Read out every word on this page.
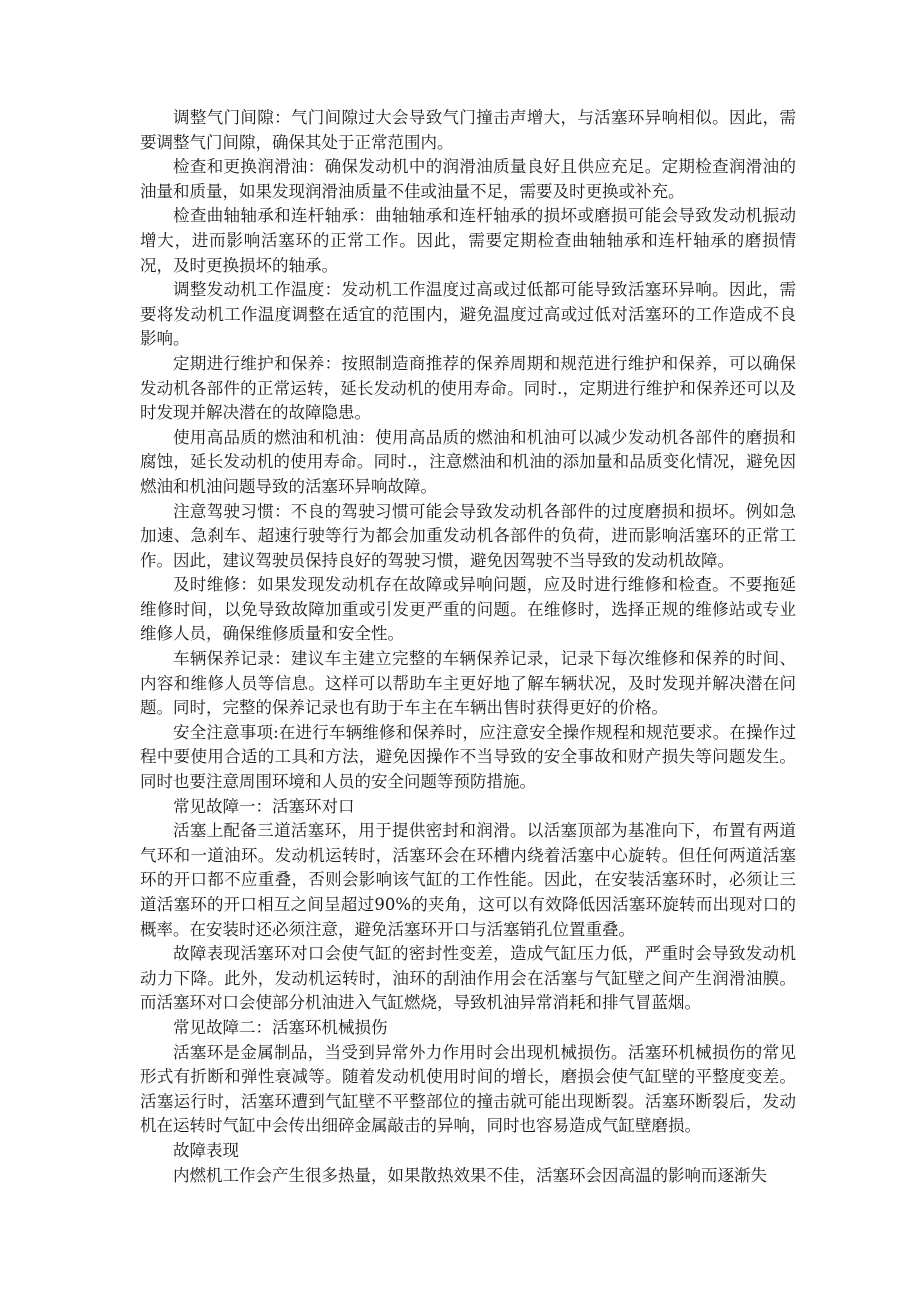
调整气门间隙：气门间隙过大会导致气门撞击声增大，与活塞环异响相似。因此，需要调整气门间隙，确保其处于正常范围内。

检查和更换润滑油：确保发动机中的润滑油质量良好且供应充足。定期检查润滑油的油量和质量，如果发现润滑油质量不佳或油量不足，需要及时更换或补充。

检查曲轴轴承和连杆轴承：曲轴轴承和连杆轴承的损坏或磨损可能会导致发动机振动增大，进而影响活塞环的正常工作。因此，需要定期检查曲轴轴承和连杆轴承的磨损情况，及时更换损坏的轴承。

调整发动机工作温度：发动机工作温度过高或过低都可能导致活塞环异响。因此，需要将发动机工作温度调整在适宜的范围内，避免温度过高或过低对活塞环的工作造成不良影响。

定期进行维护和保养：按照制造商推荐的保养周期和规范进行维护和保养，可以确保发动机各部件的正常运转，延长发动机的使用寿命。同时.，定期进行维护和保养还可以及时发现并解决潜在的故障隐患。

使用高品质的燃油和机油：使用高品质的燃油和机油可以减少发动机各部件的磨损和腐蚀，延长发动机的使用寿命。同时.，注意燃油和机油的添加量和品质变化情况，避免因燃油和机油问题导致的活塞环异响故障。

注意驾驶习惯：不良的驾驶习惯可能会导致发动机各部件的过度磨损和损坏。例如急加速、急刹车、超速行驶等行为都会加重发动机各部件的负荷，进而影响活塞环的正常工作。因此，建议驾驶员保持良好的驾驶习惯，避免因驾驶不当导致的发动机故障。

及时维修：如果发现发动机存在故障或异响问题，应及时进行维修和检查。不要拖延维修时间，以免导致故障加重或引发更严重的问题。在维修时，选择正规的维修站或专业维修人员，确保维修质量和安全性。

车辆保养记录：建议车主建立完整的车辆保养记录，记录下每次维修和保养的时间、内容和维修人员等信息。这样可以帮助车主更好地了解车辆状况，及时发现并解决潜在问题。同时，完整的保养记录也有助于车主在车辆出售时获得更好的价格。

安全注意事项:在进行车辆维修和保养时，应注意安全操作规程和规范要求。在操作过程中要使用合适的工具和方法，避免因操作不当导致的安全事故和财产损失等问题发生。同时也要注意周围环境和人员的安全问题等预防措施。

常见故障一：活塞环对口

活塞上配备三道活塞环，用于提供密封和润滑。以活塞顶部为基准向下，布置有两道气环和一道油环。发动机运转时，活塞环会在环槽内绕着活塞中心旋转。但任何两道活塞环的开口都不应重叠，否则会影响该气缸的工作性能。因此，在安装活塞环时，必须让三道活塞环的开口相互之间呈超过90%的夹角，这可以有效降低因活塞环旋转而出现对口的概率。在安装时还必须注意，避免活塞环开口与活塞销孔位置重叠。

故障表现活塞环对口会使气缸的密封性变差，造成气缸压力低，严重时会导致发动机动力下降。此外，发动机运转时，油环的刮油作用会在活塞与气缸壁之间产生润滑油膜。而活塞环对口会使部分机油进入气缸燃烧，导致机油异常消耗和排气冒蓝烟。

常见故障二：活塞环机械损伤

活塞环是金属制品，当受到异常外力作用时会出现机械损伤。活塞环机械损伤的常见形式有折断和弹性衰减等。随着发动机使用时间的增长，磨损会使气缸壁的平整度变差。活塞运行时，活塞环遭到气缸壁不平整部位的撞击就可能出现断裂。活塞环断裂后，发动机在运转时气缸中会传出细碎金属敲击的异响，同时也容易造成气缸壁磨损。

故障表现

内燃机工作会产生很多热量，如果散热效果不佳，活塞环会因高温的影响而逐渐失
